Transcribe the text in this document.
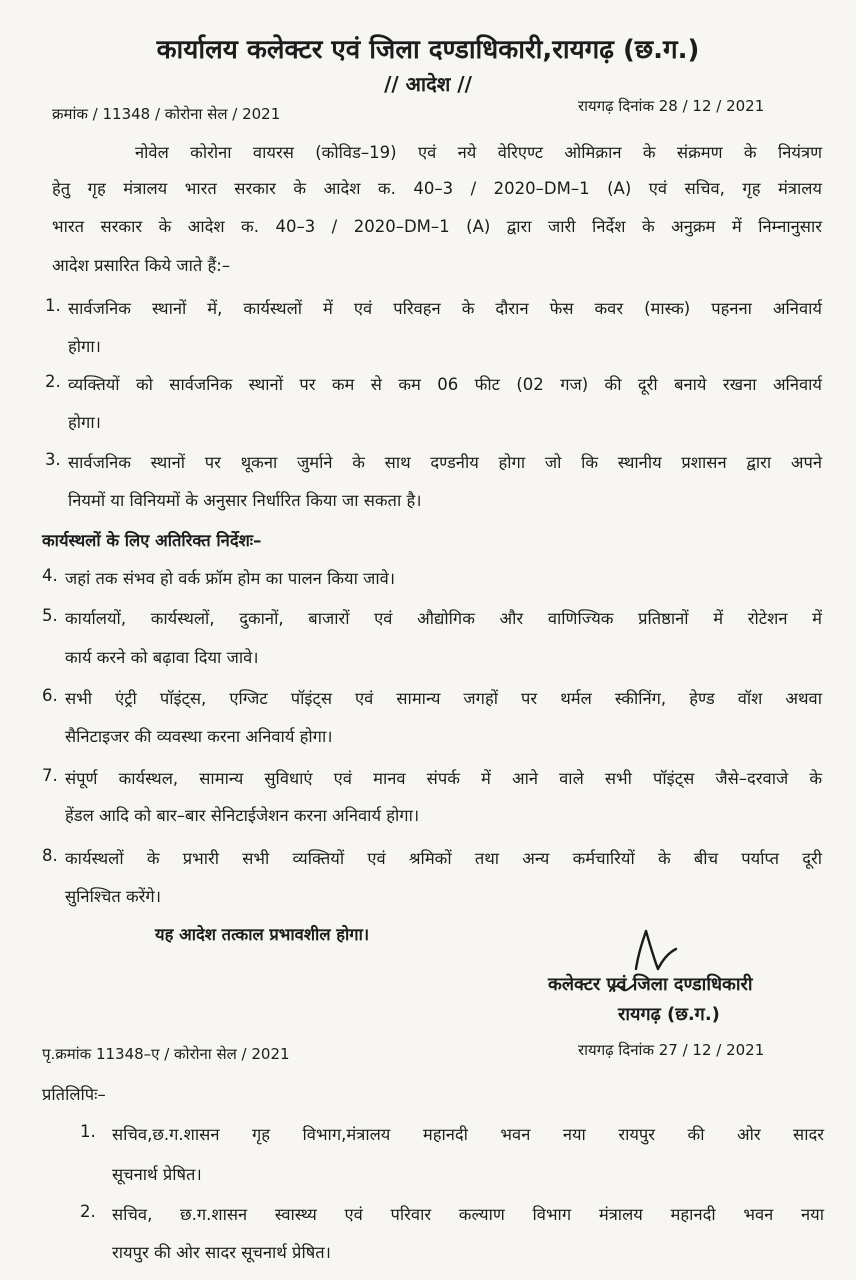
कार्यालय कलेक्टर एवं जिला दण्डाधिकारी,रायगढ़ (छ.ग.)
// आदेश //
क्रमांक / 11348 / कोरोना सेल / 2021	रायगढ़ दिनांक 28 / 12 / 2021
नोवेल कोरोना वायरस (कोविड–19) एवं नये वेरिएण्ट ओमिक्रान के संक्रमण के नियंत्रण
हेतु गृह मंत्रालय भारत सरकार के आदेश क. 40–3 / 2020–DM–1 (A) एवं सचिव, गृह मंत्रालय
भारत सरकार के आदेश क. 40–3 / 2020–DM–1 (A) द्वारा जारी निर्देश के अनुक्रम में निम्नानुसार
आदेश प्रसारित किये जाते हैं:–
1. सार्वजनिक स्थानों में, कार्यस्थलों में एवं परिवहन के दौरान फेस कवर (मास्क) पहनना अनिवार्य
होगा।
2. व्यक्तियों को सार्वजनिक स्थानों पर कम से कम 06 फीट (02 गज) की दूरी बनाये रखना अनिवार्य
होगा।
3. सार्वजनिक स्थानों पर थूकना जुर्माने के साथ दण्डनीय होगा जो कि स्थानीय प्रशासन द्वारा अपने
नियमों या विनियमों के अनुसार निर्धारित किया जा सकता है।
कार्यस्थलों के लिए अतिरिक्त निर्देशः–
4. जहां तक संभव हो वर्क फ्रॉम होम का पालन किया जावे।
5. कार्यालयों, कार्यस्थलों, दुकानों, बाजारों एवं औद्योगिक और वाणिज्यिक प्रतिष्ठानों में रोटेशन में
कार्य करने को बढ़ावा दिया जावे।
6. सभी एंट्री पॉइंट्स, एग्जिट पॉइंट्स एवं सामान्य जगहों पर थर्मल स्कीनिंग, हेण्ड वॉश अथवा
सैनिटाइजर की व्यवस्था करना अनिवार्य होगा।
7. संपूर्ण कार्यस्थल, सामान्य सुविधाएं एवं मानव संपर्क में आने वाले सभी पॉइंट्स जैसे–दरवाजे के
हेंडल आदि को बार–बार सेनिटाईजेशन करना अनिवार्य होगा।
8. कार्यस्थलों के प्रभारी सभी व्यक्तियों एवं श्रमिकों तथा अन्य कर्मचारियों के बीच पर्याप्त दूरी
सुनिश्चित करेंगे।
यह आदेश तत्काल प्रभावशील होगा।
कलेक्टर एवं जिला दण्डाधिकारी
रायगढ़ (छ.ग.)
पृ.क्रमांक 11348–ए / कोरोना सेल / 2021	रायगढ़ दिनांक 27 / 12 / 2021
प्रतिलिपिः–
1. सचिव,छ.ग.शासन गृह विभाग,मंत्रालय महानदी भवन नया रायपुर की ओर सादर
सूचनार्थ प्रेषित।
2. सचिव, छ.ग.शासन स्वास्थ्य एवं परिवार कल्याण विभाग मंत्रालय महानदी भवन नया
रायपुर की ओर सादर सूचनार्थ प्रेषित।
